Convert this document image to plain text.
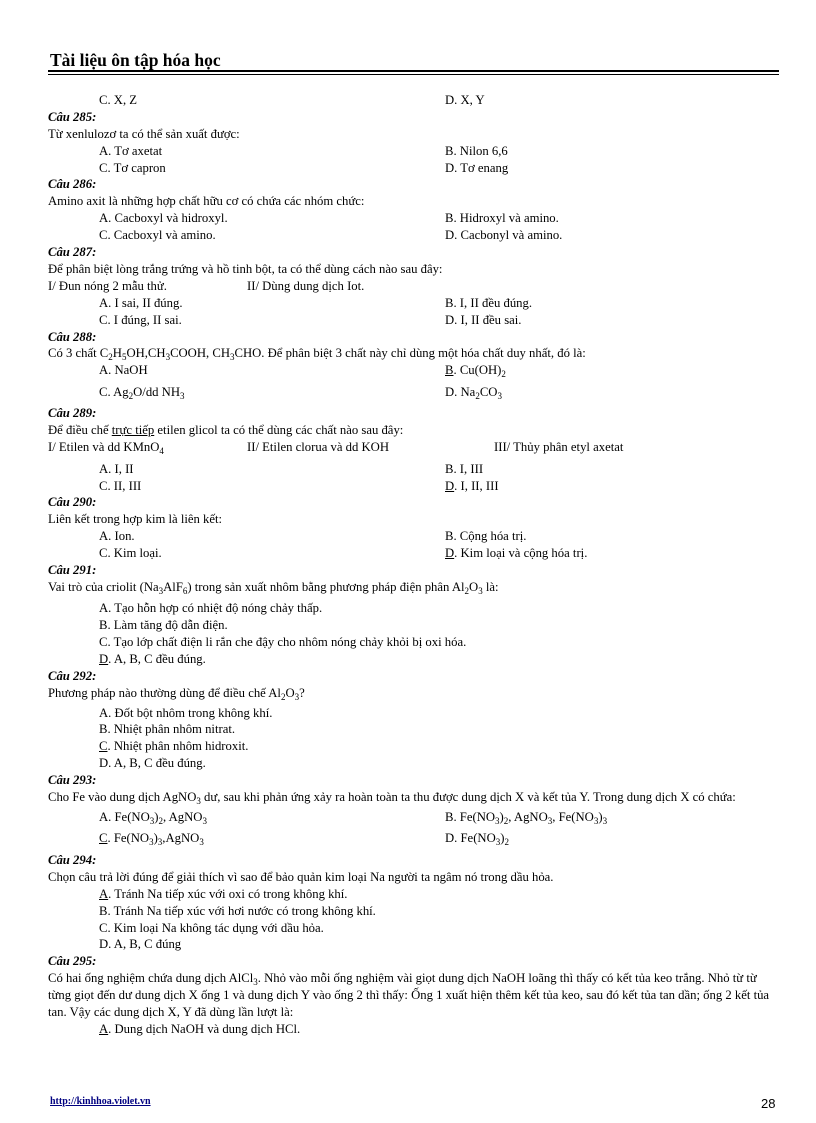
Tài liệu ôn tập hóa học
C. X, Z	D. X, Y
Câu 285:
Từ xenlulozơ ta có thể sản xuất được:
A. Tơ axetat	B. Nilon 6,6
C. Tơ capron	D. Tơ enang
Câu 286:
Amino axit là những hợp chất hữu cơ có chứa các nhóm chức:
A. Cacboxyl và hidroxyl.	B. Hidroxyl và amino.
C. Cacboxyl và amino.	D. Cacbonyl và amino.
Câu 287:
Để phân biệt lòng trắng trứng và hồ tinh bột, ta có thể dùng cách nào sau đây:
I/ Đun nóng 2 mẫu thử.	II/ Dùng dung dịch Iot.
A. I sai, II đúng.	B. I, II đều đúng.
C. I đúng, II sai.	D. I, II đều sai.
Câu 288:
Có 3 chất $C_2H_5OH,CH_3COOH$, $CH_3CHO$. Để phân biệt 3 chất này chỉ dùng một hóa chất duy nhất, đó là:
A. NaOH	B. $Cu(OH)_2$
C. $Ag_2O/dd$ $NH_3$	D. $Na_2CO_3$
Câu 289:
Để điều chế trực tiếp etilen glicol ta có thể dùng các chất nào sau đây:
I/ Etilen và dd KMnO$_4$	II/ Etilen clorua và dd KOH	III/ Thủy phân etyl axetat
A. I, II	B. I, III
C. II, III	D. I, II, III
Câu 290:
Liên kết trong hợp kim là liên kết:
A. Ion.	B. Cộng hóa trị.
C. Kim loại.	D. Kim loại và cộng hóa trị.
Câu 291:
Vai trò của criolit $(Na_3AlF_6)$ trong sản xuất nhôm bằng phương pháp điện phân $Al_2O_3$ là:
A. Tạo hỗn hợp có nhiệt độ nóng chảy thấp.
B. Làm tăng độ dẫn điện.
C. Tạo lớp chất điện li rắn che đậy cho nhôm nóng chảy khỏi bị oxi hóa.
D. A, B, C đều đúng.
Câu 292:
Phương pháp nào thường dùng để điều chế $Al_2O_3$?
A. Đốt bột nhôm trong không khí.
B. Nhiệt phân nhôm nitrat.
C. Nhiệt phân nhôm hidroxit.
D. A, B, C đều đúng.
Câu 293:
Cho Fe vào dung dịch AgNO$_3$ dư, sau khi phản ứng xảy ra hoàn toàn ta thu được dung dịch X và kết tủa Y. Trong dung dịch X có chứa:
A. $Fe(NO_3)_2$, AgNO$_3$	B. $Fe(NO_3)_2$, AgNO$_3$, $Fe(NO_3)_3$
C. $Fe(NO_3)_3,AgNO_3$	D. $Fe(NO_3)_2$
Câu 294:
Chọn câu trả lời đúng để giải thích vì sao để bảo quản kim loại Na người ta ngâm nó trong dầu hỏa.
A. Tránh Na tiếp xúc với oxi có trong không khí.
B. Tránh Na tiếp xúc với hơi nước có trong không khí.
C. Kim loại Na không tác dụng với dầu hỏa.
D. A, B, C đúng
Câu 295:
Có hai ống nghiệm chứa dung dịch AlCl$_3$. Nhỏ vào mỗi ống nghiệm vài giọt dung dịch NaOH loãng thì thấy có kết tủa keo trắng. Nhỏ từ từ từng giọt đến dư dung dịch X ống 1 và dung dịch Y vào ống 2 thì thấy: Ống 1 xuất hiện thêm kết tủa keo, sau đó kết tủa tan dần; ống 2 kết tủa tan. Vậy các dung dịch X, Y đã dùng lần lượt là:
A. Dung dịch NaOH và dung dịch HCl.
http://kinhhoa.violet.vn	28
